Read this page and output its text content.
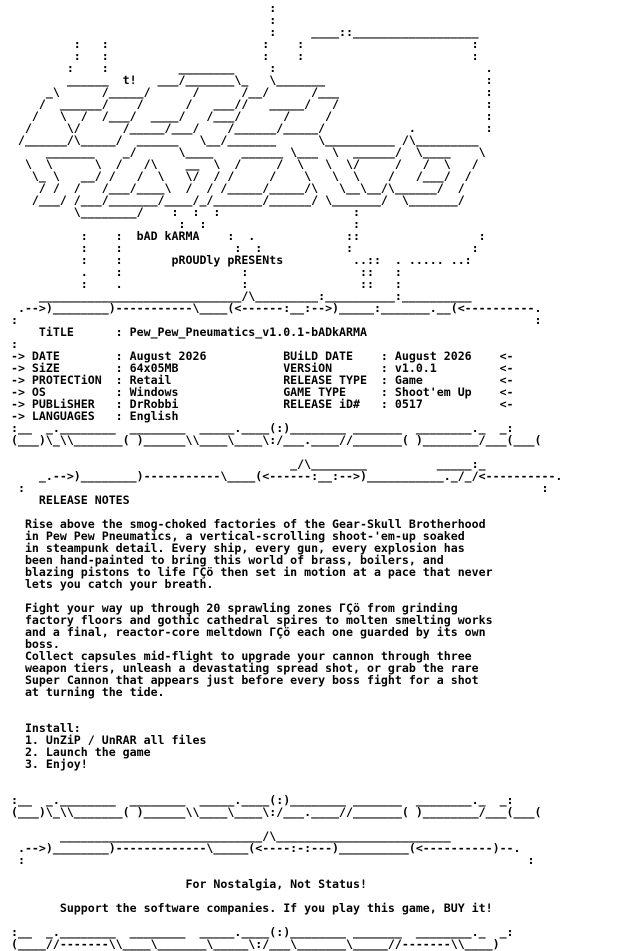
:
:
:     ____::__________________
:   :                      :    :                        :
:   :                      :    :                        :
:    :          ________     :                              .
______  t!   ___/_______\_   \_______                       :
_\      /_____/      /      /__/      /___                     :
/  ______/    /      /   ___//   _____/   /                     :
/   \  /  /___/  ____/   /___/      /     /                      :
/     \/      /_____/___/    /______/_____/            .          :
/______/\_____/  ______   \__/_______      \__________ /\_________
_______    _/      \____    ______ \___  \  ______/  \____    \
\  \      \  /   /\    __  \  /     /  \   \  \/     /   /  \   /
\_ \   __/ /   /  \   \/  / /     /    \   \  \    /   /___/  /
/ /  /   /___/____\  /  / /_____/_____/\   \__\__/\______/  /
/___/ /___/_______/____/_/_______/______/ \_______/  \_______/
\________/    :  :  :                   :
:  :                     :
:    :  bAD kARMA    :  .             ::                 :
:    :                :  :            :                 :
:    :       pROUDly pRESENts          ..::  . ..... ..:
.    :                 :                ::   :
:    .                 :                ::   :
_____________________________/\_________:__________:__________
.-->)________)-----------\____(<------:__:-->)_____:_______.__(<----------.
:                                                                          :
TiTLE      : Pew_Pew_Pneumatics_v1.0.1-bADkARMA
:
-> DATE        : August 2026           BUiLD DATE    : August 2026    <-
-> SiZE        : 64x05MB               VERSiON       : v1.0.1         <-
-> PROTECTiON  : Retail                RELEASE TYPE  : Game           <-
-> OS          : Windows               GAME TYPE     : Shoot'em Up    <-
-> PUBLiSHER   : DrRobbi               RELEASE iD#   : 0517           <-
-> LANGUAGES   : English
:__  _.________  ________  _____.____(:)________ _______  ________._  _:
(___)\_\\_______( )______\\____\____\:/___.____//_______( )________/___(___(

_/\________          _____:_
_.-->)________)-----------\____(<------:__:-->)___________._/_/<----------.
:                                                                          :
RELEASE NOTES

Rise above the smog-choked factories of the Gear-Skull Brotherhood
in Pew Pew Pneumatics, a vertical-scrolling shoot-'em-up soaked
in steampunk detail. Every ship, every gun, every explosion has
been hand-painted to bring this world of brass, boilers, and
blazing pistons to life ΓÇö then set in motion at a pace that never
lets you catch your breath.

Fight your way up through 20 sprawling zones ΓÇö from grinding
factory floors and gothic cathedral spires to molten smelting works
and a final, reactor-core meltdown ΓÇö each one guarded by its own
boss.
Collect capsules mid-flight to upgrade your cannon through three
weapon tiers, unleash a devastating spread shot, or grab the rare
Super Cannon that appears just before every boss fight for a shot
at turning the tide.

Install:
1. UnZiP / UnRAR all files
2. Launch the game
3. Enjoy!

:__  _.________  ________  _____.____(:)________ _______  ________._  _:
(___)\_\\_______( )______\\____\____\:/___.____//_______( )________/___(___(

_____________________________/\_________________________
.-->)________)-------------\_____(<----:-:---)__________(<----------)--.
:                                                                        :

For Nostalgia, Not Status!

Support the software companies. If you play this game, BUY it!

:__  _.________  ________  _____.____(:)________ _______  ________._  _:
(____//-------\\____\_______\_____\:/___\_______\_____//-------\\____)
